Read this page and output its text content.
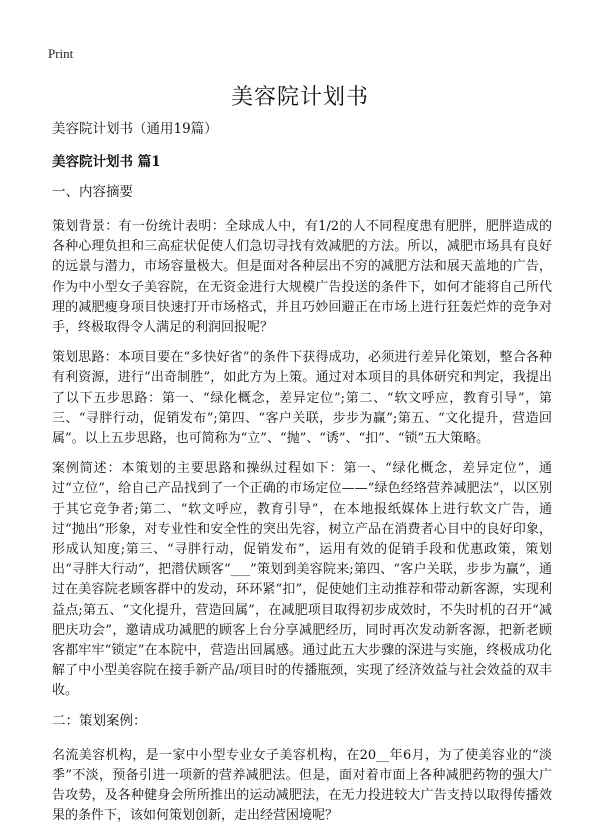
Print
美容院计划书

美容院计划书（通用19篇）

美容院计划书 篇1

一、内容摘要

策划背景：有一份统计表明：全球成人中，有1/2的人不同程度患有肥胖，肥胖造成的各种心理负担和三高症状促使人们急切寻找有效减肥的方法。所以，减肥市场具有良好的远景与潜力，市场容量极大。但是面对各种层出不穷的减肥方法和展天盖地的广告，作为中小型女子美容院，在无资金进行大规模广告投送的条件下，如何才能将自己所代理的减肥瘦身项目快速打开市场格式，并且巧妙回避正在市场上进行狂轰烂炸的竞争对手，终极取得令人满足的利润回报呢？

策划思路：本项目要在“多快好省”的条件下获得成功，必须进行差异化策划，整合各种有利资源，进行“出奇制胜”，如此方为上策。通过对本项目的具体研究和判定，我提出了以下五步思路：第一、“绿化概念，差异定位”;第二、“软文呼应，教育引导”，第三、“寻胖行动，促销发布”;第四、“客户关联，步步为赢”;第五、“文化提升，营造回属”。以上五步思路，也可简称为“立”、“抛”、“诱”、“扣”、“锁”五大策略。

案例简述：本策划的主要思路和操纵过程如下：第一、“绿化概念，差异定位”，通过“立位”，给自己产品找到了一个正确的市场定位——“绿色经络营养减肥法”，以区别于其它竞争者;第二、“软文呼应，教育引导”，在本地报纸媒体上进行软文广告，通过“抛出”形象，对专业性和安全性的突出先容，树立产品在消费者心目中的良好印象，形成认知度;第三、“寻胖行动，促销发布”，运用有效的促销手段和优惠政策，策划出“寻胖大行动”，把潜伏顾客“___”策划到美容院来;第四、“客户关联，步步为赢”，通过在美容院老顾客群中的发动，环环紧“扣”，促使她们主动推荐和带动新客源，实现利益点;第五、“文化提升，营造回属”，在减肥项目取得初步成效时，不失时机的召开“减肥庆功会”，邀请成功减肥的顾客上台分享减肥经历，同时再次发动新客源，把新老顾客都牢牢“锁定”在本院中，营造出回属感。通过此五大步骤的深进与实施，终极成功化解了中小型美容院在接手新产品/项目时的传播瓶颈，实现了经济效益与社会效益的双丰收。

二：策划案例：

名流美容机构，是一家中小型专业女子美容机构，在20__年6月，为了使美容业的“淡季”不淡，预备引进一项新的营养减肥法。但是，面对着市面上各种减肥药物的强大广告攻势，及各种健身会所所推出的运动减肥法，在无力投进较大广告支持以取得传播效果的条件下，该如何策划创新，走出经营困境呢？
